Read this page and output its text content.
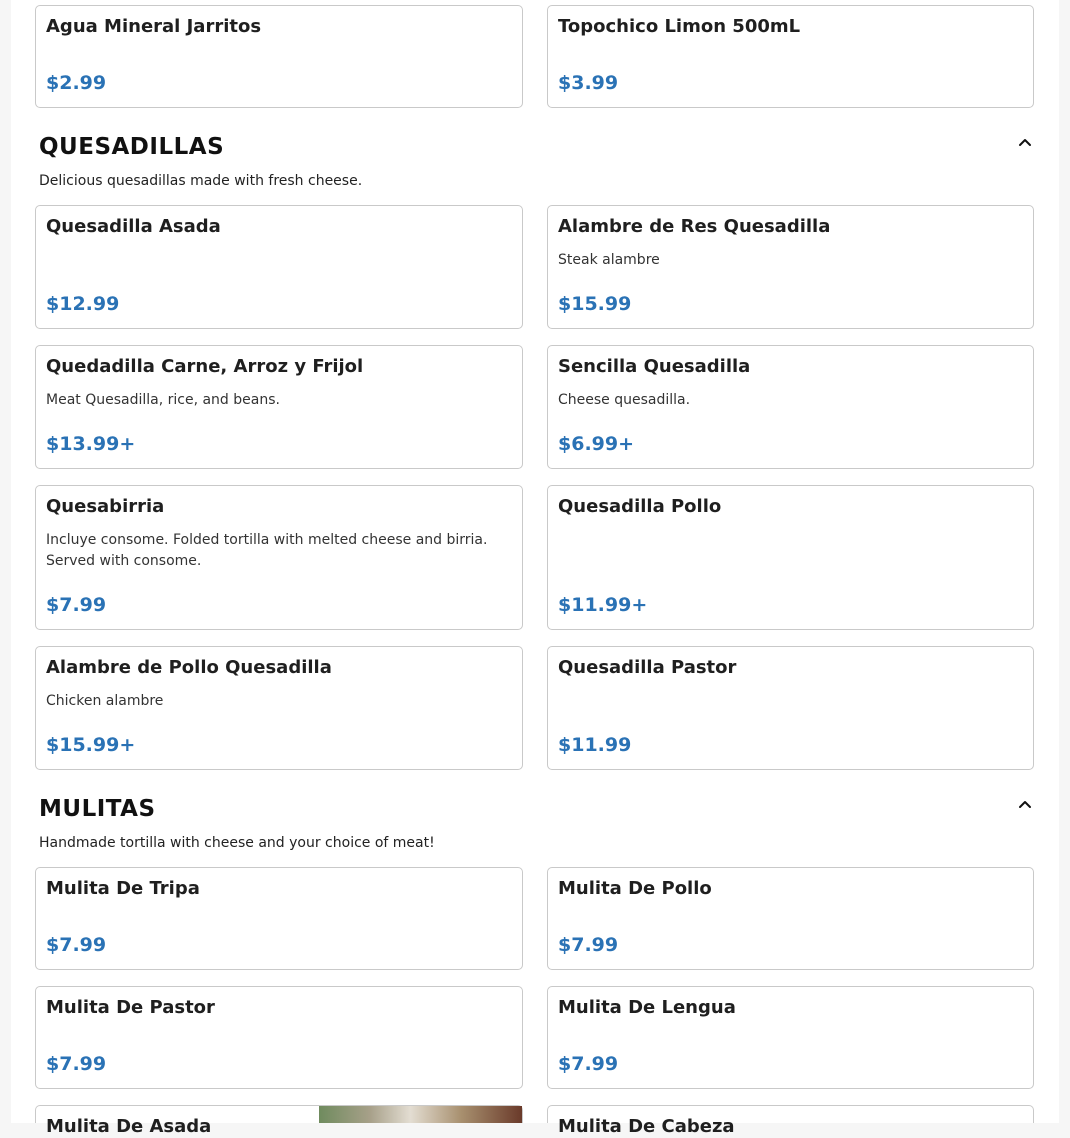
Agua Mineral Jarritos
$2.99
Topochico Limon 500mL
$3.99
QUESADILLAS
Delicious quesadillas made with fresh cheese.
Quesadilla Asada
$12.99
Alambre de Res Quesadilla
Steak alambre
$15.99
Quedadilla Carne, Arroz y Frijol
Meat Quesadilla, rice, and beans.
$13.99+
Sencilla Quesadilla
Cheese quesadilla.
$6.99+
Quesabirria
Incluye consome. Folded tortilla with melted cheese and birria. Served with consome.
$7.99
Quesadilla Pollo
$11.99+
Alambre de Pollo Quesadilla
Chicken alambre
$15.99+
Quesadilla Pastor
$11.99
MULITAS
Handmade tortilla with cheese and your choice of meat!
Mulita De Tripa
$7.99
Mulita De Pollo
$7.99
Mulita De Pastor
$7.99
Mulita De Lengua
$7.99
Mulita De Asada	Mulita De Cabeza
